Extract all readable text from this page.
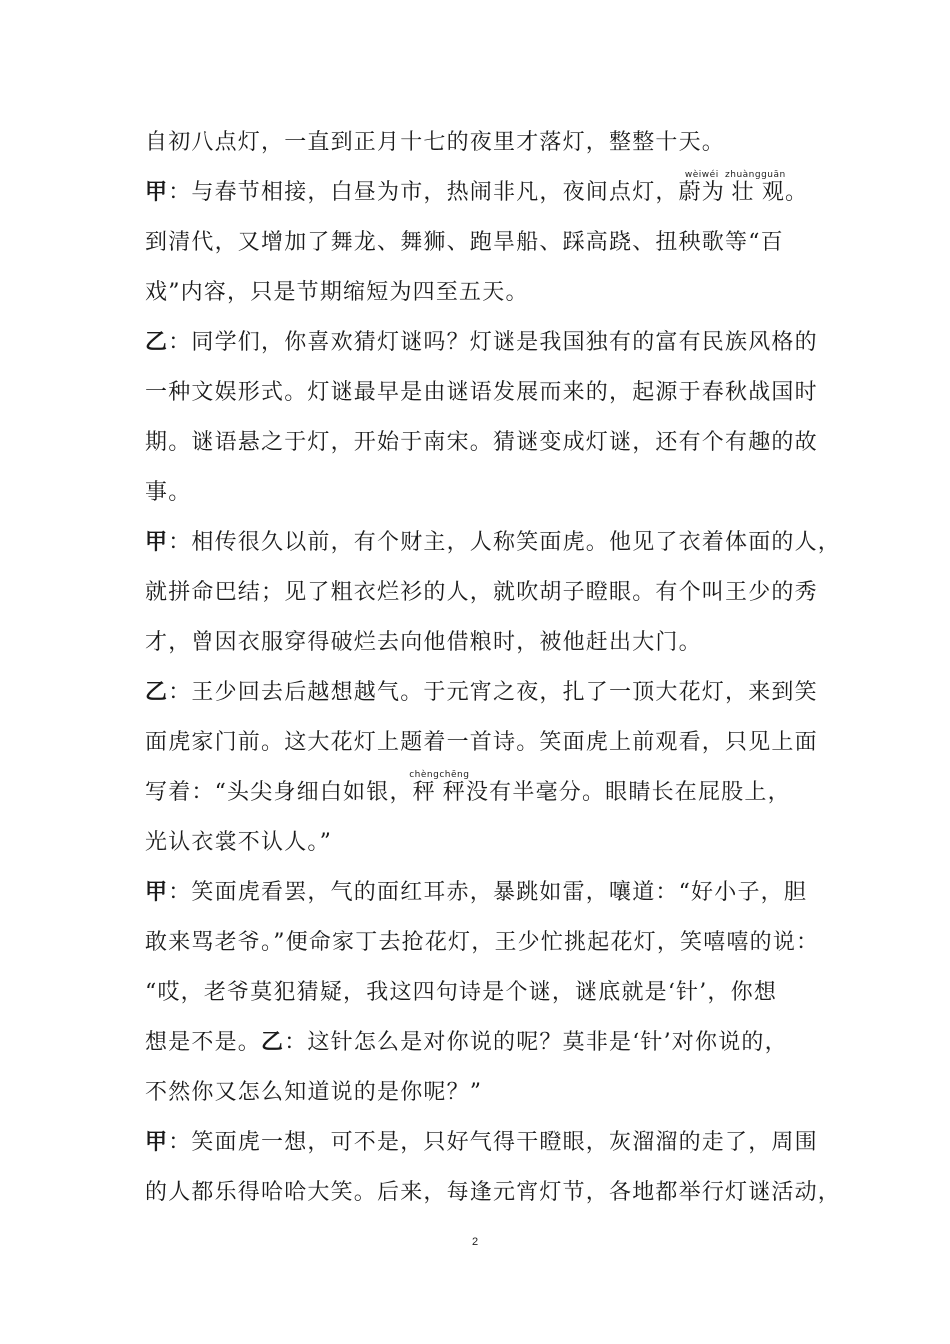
自初八点灯，一直到正月十七的夜里才落灯，整整十天。
甲：与春节相接，白昼为市，热闹非凡，夜间点灯，蔚为wèiwéi壮zhuàng观guān。
到清代，又增加了舞龙、舞狮、跑旱船、踩高跷、扭秧歌等“百
戏”内容，只是节期缩短为四至五天。
乙：同学们，你喜欢猜灯谜吗？灯谜是我国独有的富有民族风格的
一种文娱形式。灯谜最早是由谜语发展而来的，起源于春秋战国时
期。谜语悬之于灯，开始于南宋。猜谜变成灯谜，还有个有趣的故
事。
甲：相传很久以前，有个财主，人称笑面虎。他见了衣着体面的人，
就拼命巴结；见了粗衣烂衫的人，就吹胡子瞪眼。有个叫王少的秀
才，曾因衣服穿得破烂去向他借粮时，被他赶出大门。
乙：王少回去后越想越气。于元宵之夜，扎了一顶大花灯，来到笑
面虎家门前。这大花灯上题着一首诗。笑面虎上前观看，只见上面
写着：“头尖身细白如银，秤chèng秤chēng没有半毫分。眼睛长在屁股上，
光认衣裳不认人。”
甲：笑面虎看罢，气的面红耳赤，暴跳如雷，嚷道：“好小子，胆
敢来骂老爷。”便命家丁去抢花灯，王少忙挑起花灯，笑嘻嘻的说：
“哎，老爷莫犯猜疑，我这四句诗是个谜，谜底就是‘针’，你想
想是不是。乙：这针怎么是对你说的呢？莫非是‘针’对你说的，
不然你又怎么知道说的是你呢？”
甲：笑面虎一想，可不是，只好气得干瞪眼，灰溜溜的走了，周围
的人都乐得哈哈大笑。后来，每逢元宵灯节，各地都举行灯谜活动，
2
